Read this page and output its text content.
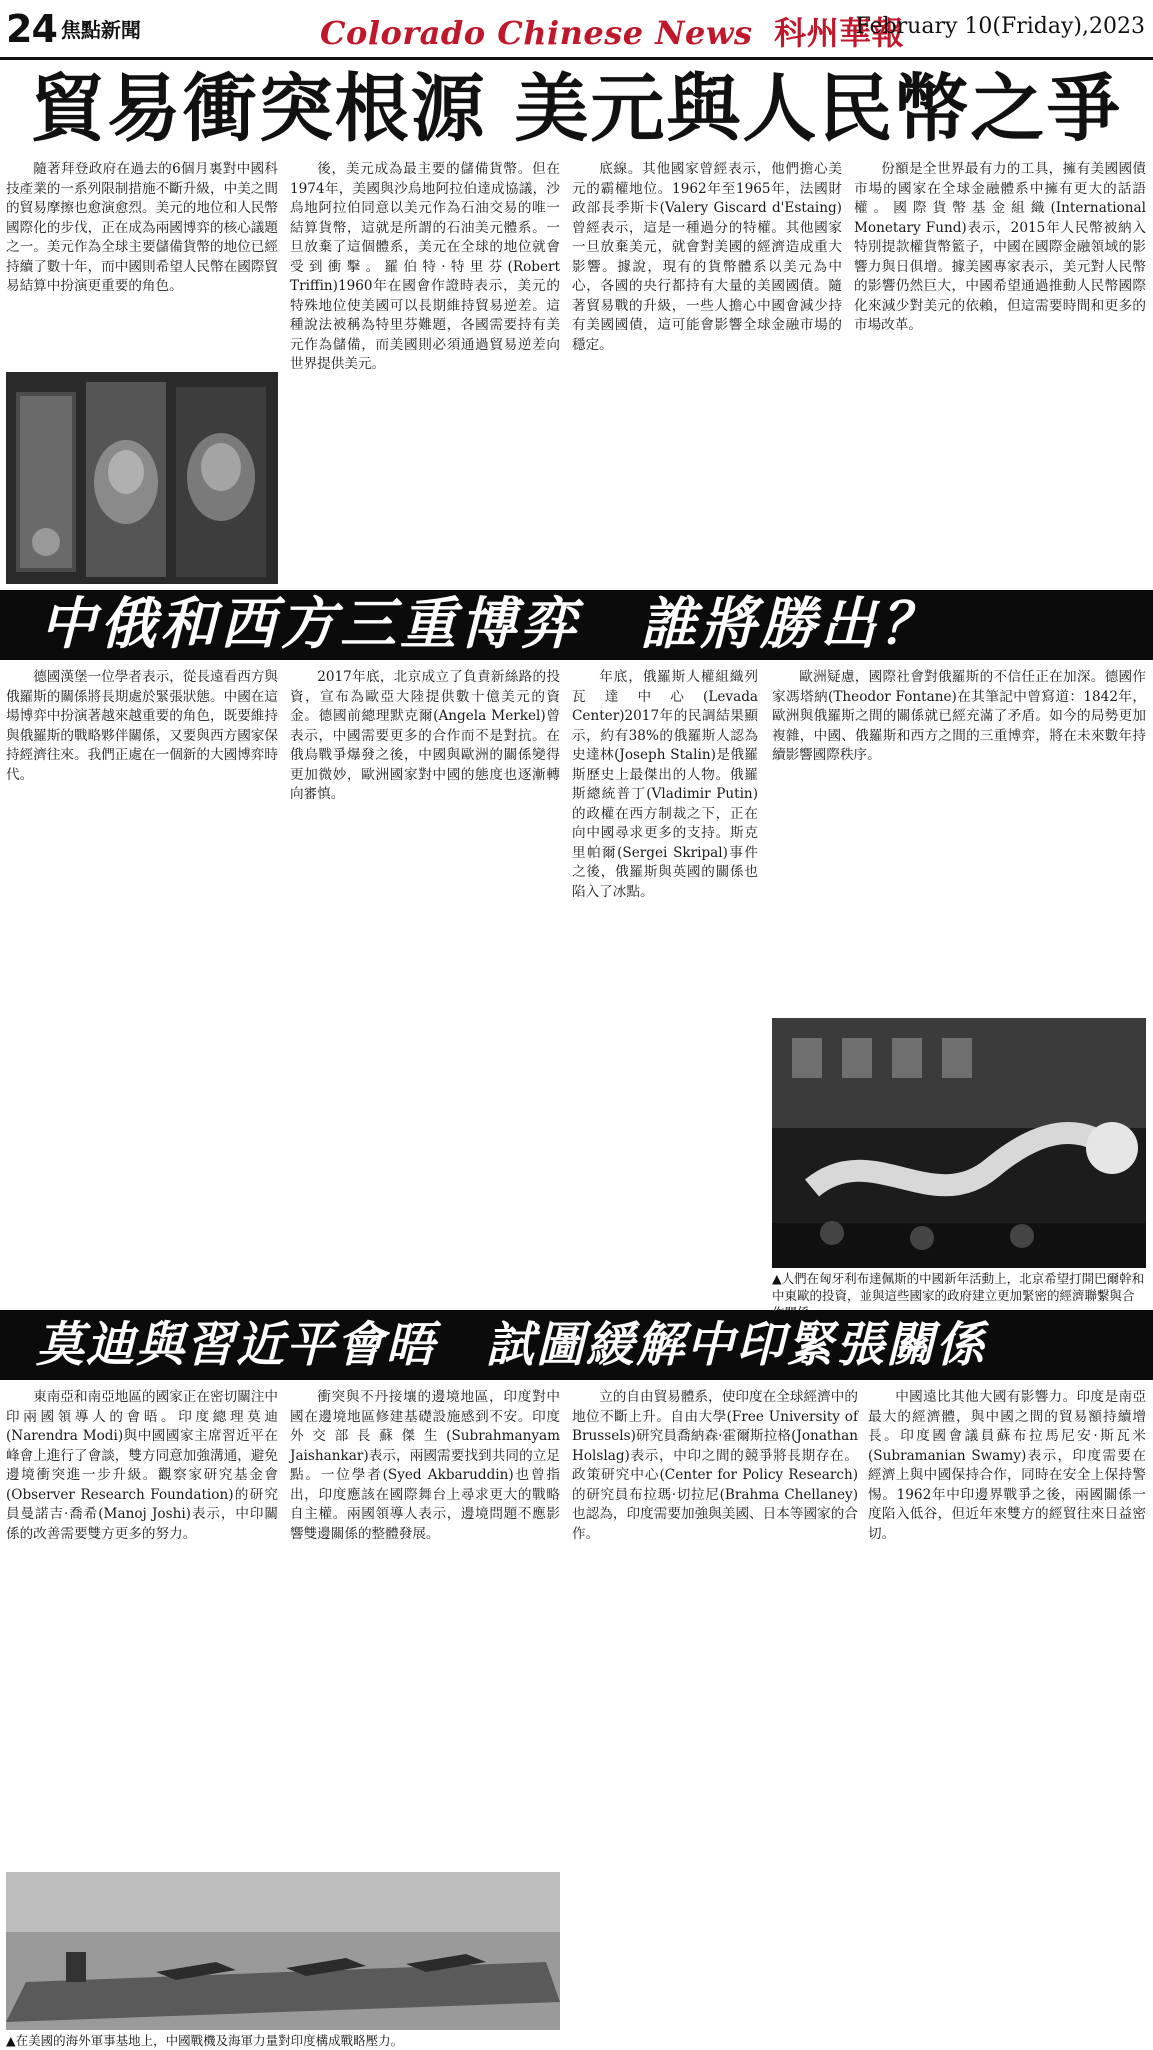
24 焦點新聞	Colorado Chinese News 科州華報
February 10(Friday),2023
貿易衝突根源 美元與人民幣之爭

隨著拜登政府在過去的6個月裏對中國科技產業的一系列限制措施不斷升級，中美之間的貿易摩擦也愈演愈烈。美元的地位和人民幣國際化的步伐，正在成為兩國博弈的核心議題之一。美元作為全球主要儲備貨幣的地位已經持續了數十年，而中國則希望人民幣在國際貿易結算中扮演更重要的角色。

後，美元成為最主要的儲備貨幣。但在1974年，美國與沙烏地阿拉伯達成協議，沙烏地阿拉伯同意以美元作為石油交易的唯一結算貨幣，這就是所謂的石油美元體系。一旦放棄了這個體系，美元在全球的地位就會受到衝擊。羅伯特·特里芬(Robert Triffin)1960年在國會作證時表示，美元的特殊地位使美國可以長期維持貿易逆差。這種說法被稱為特里芬難題，各國需要持有美元作為儲備，而美國則必須通過貿易逆差向世界提供美元。

底線。其他國家曾經表示，他們擔心美元的霸權地位。1962年至1965年，法國財政部長季斯卡(Valery Giscard d'Estaing)曾經表示，這是一種過分的特權。其他國家一旦放棄美元，就會對美國的經濟造成重大影響。據說，現有的貨幣體系以美元為中心，各國的央行都持有大量的美國國債。隨著貿易戰的升級，一些人擔心中國會減少持有美國國債，這可能會影響全球金融市場的穩定。

份額是全世界最有力的工具，擁有美國國債市場的國家在全球金融體系中擁有更大的話語權。國際貨幣基金組織(International Monetary Fund)表示，2015年人民幣被納入特別提款權貨幣籃子，中國在國際金融領域的影響力與日俱增。據美國專家表示，美元對人民幣的影響仍然巨大，中國希望通過推動人民幣國際化來減少對美元的依賴，但這需要時間和更多的市場改革。

中俄和西方三重博弈　誰將勝出？

德國漢堡一位學者表示，從長遠看西方與俄羅斯的關係將長期處於緊張狀態。中國在這場博弈中扮演著越來越重要的角色，既要維持與俄羅斯的戰略夥伴關係，又要與西方國家保持經濟往來。我們正處在一個新的大國博弈時代。

2017年底，北京成立了負責新絲路的投資，宣布為歐亞大陸提供數十億美元的資金。德國前總理默克爾(Angela Merkel)曾表示，中國需要更多的合作而不是對抗。在俄烏戰爭爆發之後，中國與歐洲的關係變得更加微妙，歐洲國家對中國的態度也逐漸轉向審慎。

年底，俄羅斯人權組織列瓦達中心(Levada Center)2017年的民調結果顯示，約有38%的俄羅斯人認為史達林(Joseph Stalin)是俄羅斯歷史上最傑出的人物。俄羅斯總統普丁(Vladimir Putin)的政權在西方制裁之下，正在向中國尋求更多的支持。斯克里帕爾(Sergei Skripal)事件之後，俄羅斯與英國的關係也陷入了冰點。

歐洲疑慮，國際社會對俄羅斯的不信任正在加深。德國作家馮塔納(Theodor Fontane)在其筆記中曾寫道：1842年，歐洲與俄羅斯之間的關係就已經充滿了矛盾。如今的局勢更加複雜，中國、俄羅斯和西方之間的三重博弈，將在未來數年持續影響國際秩序。

▲人們在匈牙利布達佩斯的中國新年活動上，北京希望打開巴爾幹和中東歐的投資，並與這些國家的政府建立更加緊密的經濟聯繫與合
莫迪與習近平會晤　試圖緩解中印緊張關係

東南亞和南亞地區的國家正在密切關注中印兩國領導人的會晤。印度總理莫迪(Narendra Modi)與中國國家主席習近平在峰會上進行了會談，雙方同意加強溝通，避免邊境衝突進一步升級。觀察家研究基金會(Observer Research Foundation)的研究員曼諾吉·喬希(Manoj Joshi)表示，中印關係的改善需要雙方更多的努力。

衝突與不丹接壤的邊境地區，印度對中國在邊境地區修建基礎設施感到不安。印度外交部長蘇傑生(Subrahmanyam Jaishankar)表示，兩國需要找到共同的立足點。一位學者(Syed Akbaruddin)也曾指出，印度應該在國際舞台上尋求更大的戰略自主權。兩國領導人表示，邊境問題不應影響雙邊關係的整體發展。

立的自由貿易體系，使印度在全球經濟中的地位不斷上升。自由大學(Free University of Brussels)研究員喬納森·霍爾斯拉格(Jonathan Holslag)表示，中印之間的競爭將長期存在。政策研究中心(Center for Policy Research)的研究員布拉瑪·切拉尼(Brahma Chellaney)也認為，印度需要加強與美國、日本等國家的合作。

中國遠比其他大國有影響力。印度是南亞最大的經濟體，與中國之間的貿易額持續增長。印度國會議員蘇布拉馬尼安·斯瓦米(Subramanian Swamy)表示，印度需要在經濟上與中國保持合作，同時在安全上保持警惕。1962年中印邊界戰爭之後，兩國關係一度陷入低谷，但近年來雙方的經貿往來日益密切。

▲在美國的海外軍事基地上，中國戰機及海軍力量對印度構成戰略壓力。
